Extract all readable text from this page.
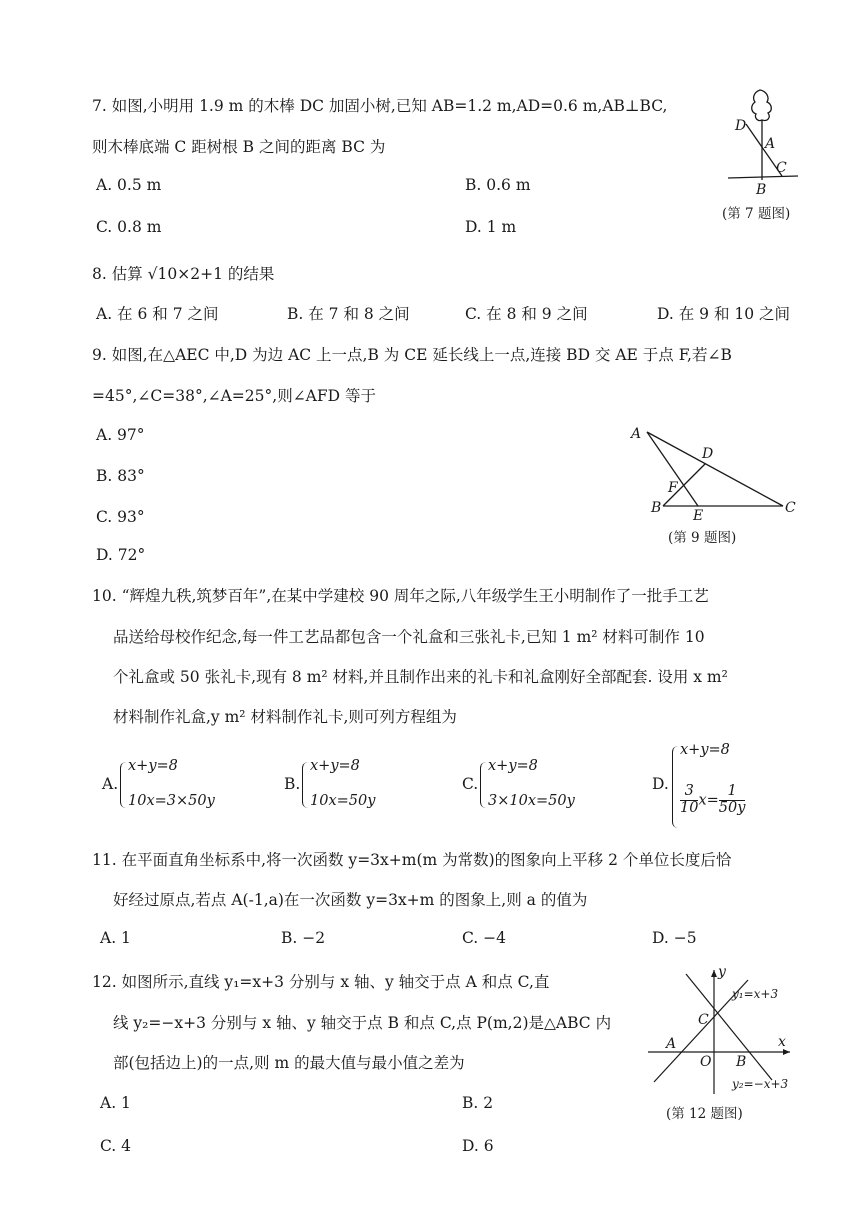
7. 如图,小明用 1.9 m 的木棒 DC 加固小树,已知 AB=1.2 m,AD=0.6 m,AB⊥BC,
则木棒底端 C 距树根 B 之间的距离 BC 为
A. 0.5 m	B. 0.6 m
C. 0.8 m	D. 1 m
D
A
C
B
(第 7 题图)
8. 估算 √10×2+1 的结果
A. 在 6 和 7 之间	B. 在 7 和 8 之间	C. 在 8 和 9 之间	D. 在 9 和 10 之间
9. 如图,在△AEC 中,D 为边 AC 上一点,B 为 CE 延长线上一点,连接 BD 交 AE 于点 F,若∠B
=45°,∠C=38°,∠A=25°,则∠AFD 等于
A. 97°
B. 83°
C. 93°
D. 72°
A
D
F
B E	C
(第 9 题图)
10. “辉煌九秩,筑梦百年”,在某中学建校 90 周年之际,八年级学生王小明制作了一批手工艺
品送给母校作纪念,每一件工艺品都包含一个礼盒和三张礼卡,已知 1 m² 材料可制作 10
个礼盒或 50 张礼卡,现有 8 m² 材料,并且制作出来的礼卡和礼盒刚好全部配套. 设用 x m²
材料制作礼盒,y m² 材料制作礼卡,则可列方程组为
A.
x+y=8
10x=3×50y
B.
x+y=8
10x=50y
C.
x+y=8
3×10x=50y
D.
x+y=8
$\frac{3}{10} x= \frac{1}{50y}$
11. 在平面直角坐标系中,将一次函数 y=3x+m(m 为常数)的图象向上平移 2 个单位长度后恰
好经过原点,若点 A(-1,a)在一次函数 y=3x+m 的图象上,则 a 的值为
A. 1	B. −2	C. −4	D. −5
12. 如图所示,直线 y₁=x+3 分别与 x 轴、y 轴交于点 A 和点 C,直
线 y₂=−x+3 分别与 x 轴、y 轴交于点 B 和点 C,点 P(m,2)是△ABC 内
部(包括边上)的一点,则 m 的最大值与最小值之差为
A. 1	B. 2
C. 4	D. 6
y
y₁=x+3
C
A
O B
x
y₂=−x+3
(第 12 题图)
